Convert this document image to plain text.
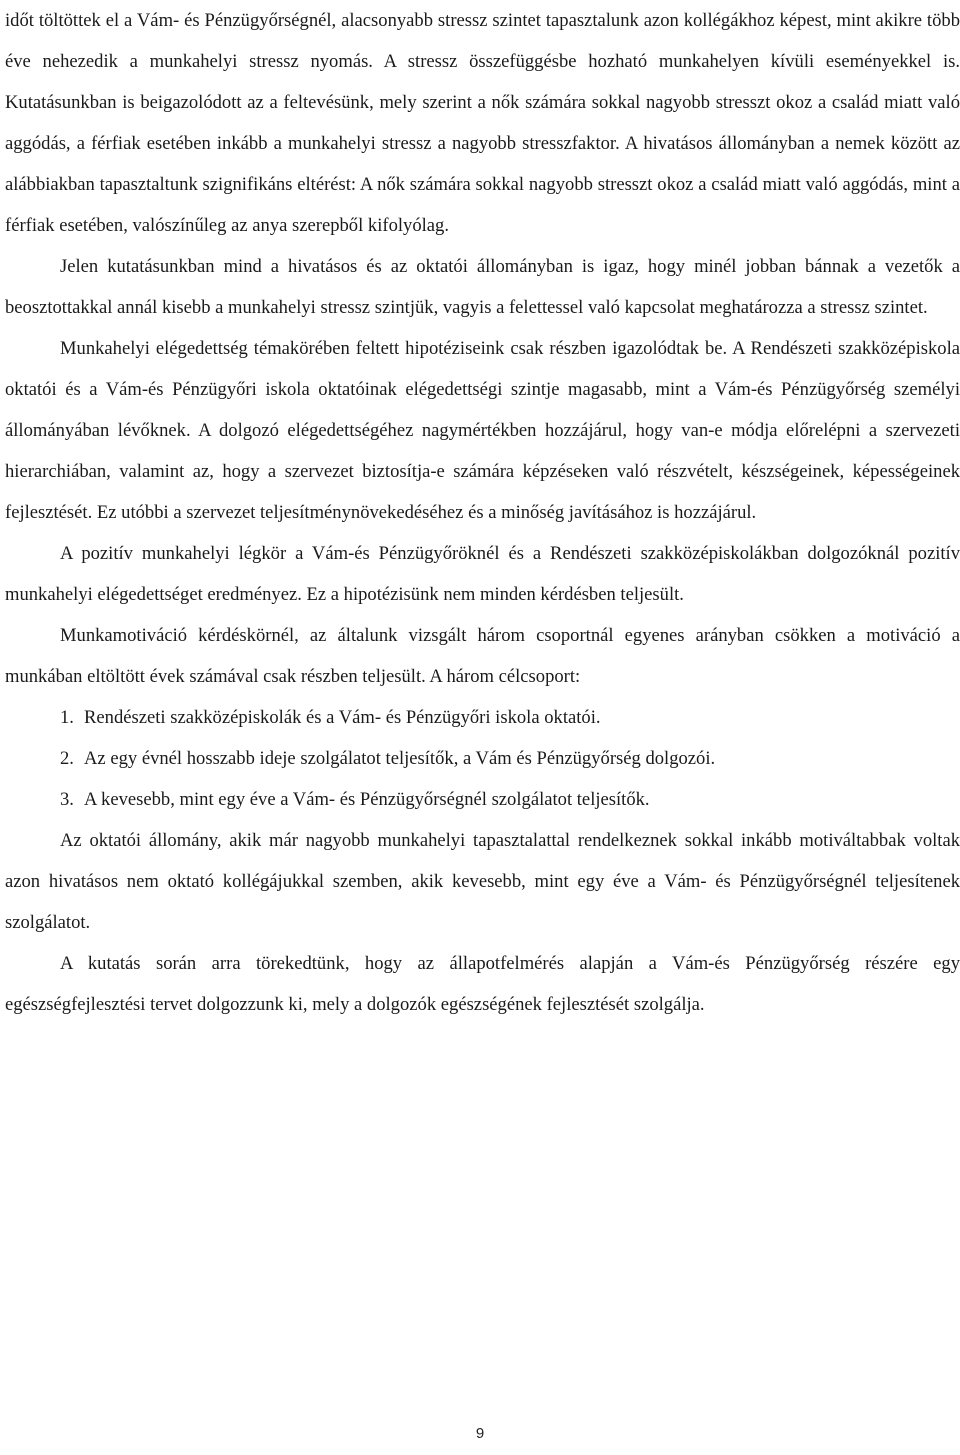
időt töltöttek el a Vám- és Pénzügyőrségnél, alacsonyabb stressz szintet tapasztalunk azon kollégákhoz képest, mint akikre több éve nehezedik a munkahelyi stressz nyomás. A stressz összefüggésbe hozható munkahelyen kívüli eseményekkel is. Kutatásunkban is beigazolódott az a feltevésünk, mely szerint a nők számára sokkal nagyobb stresszt okoz a család miatt való aggódás, a férfiak esetében inkább a munkahelyi stressz a nagyobb stresszfaktor. A hivatásos állományban a nemek között az alábbiakban tapasztaltunk szignifikáns eltérést: A nők számára sokkal nagyobb stresszt okoz a család miatt való aggódás, mint a férfiak esetében, valószínűleg az anya szerepből kifolyólag.

Jelen kutatásunkban mind a hivatásos és az oktatói állományban is igaz, hogy minél jobban bánnak a vezetők a beosztottakkal annál kisebb a munkahelyi stressz szintjük, vagyis a felettessel való kapcsolat meghatározza a stressz szintet.

Munkahelyi elégedettség témakörében feltett hipotéziseink csak részben igazolódtak be. A Rendészeti szakközépiskola oktatói és a Vám-és Pénzügyőri iskola oktatóinak elégedettségi szintje magasabb, mint a Vám-és Pénzügyőrség személyi állományában lévőknek. A dolgozó elégedettségéhez nagymértékben hozzájárul, hogy van-e módja előrelépni a szervezeti hierarchiában, valamint az, hogy a szervezet biztosítja-e számára képzéseken való részvételt, készségeinek, képességeinek fejlesztését. Ez utóbbi a szervezet teljesítménynövekedéséhez és a minőség javításához is hozzájárul.

A pozitív munkahelyi légkör a Vám-és Pénzügyőröknél és a Rendészeti szakközépiskolákban dolgozóknál pozitív munkahelyi elégedettséget eredményez. Ez a hipotézisünk nem minden kérdésben teljesült.

Munkamotiváció kérdéskörnél, az általunk vizsgált három csoportnál egyenes arányban csökken a motiváció a munkában eltöltött évek számával csak részben teljesült. A három célcsoport:

1. Rendészeti szakközépiskolák és a Vám- és Pénzügyőri iskola oktatói.
2. Az egy évnél hosszabb ideje szolgálatot teljesítők, a Vám és Pénzügyőrség dolgozói.
3. A kevesebb, mint egy éve a Vám- és Pénzügyőrségnél szolgálatot teljesítők.

Az oktatói állomány, akik már nagyobb munkahelyi tapasztalattal rendelkeznek sokkal inkább motiváltabbak voltak azon hivatásos nem oktató kollégájukkal szemben, akik kevesebb, mint egy éve a Vám- és Pénzügyőrségnél teljesítenek szolgálatot.

A kutatás során arra törekedtünk, hogy az állapotfelmérés alapján a Vám-és Pénzügyőrség részére egy egészségfejlesztési tervet dolgozzunk ki, mely a dolgozók egészségének fejlesztését szolgálja.

9
